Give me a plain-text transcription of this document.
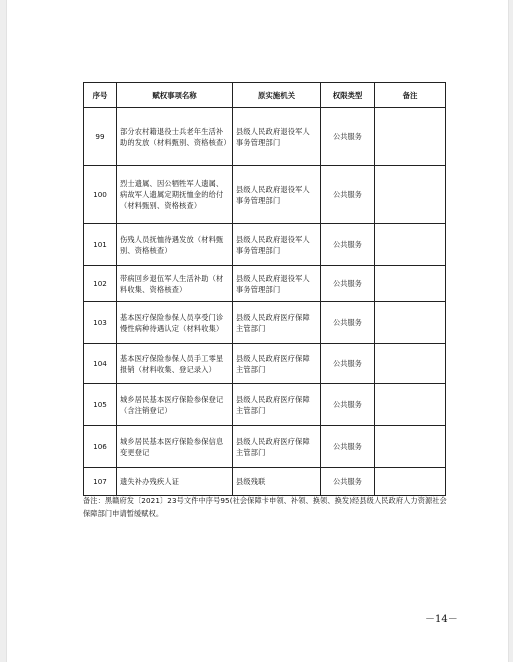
序号	赋权事项名称	原实施机关	权限类型	备注
99	部分农村籍退役士兵老年生活补助的发放（材料甄别、资格核查）	县级人民政府退役军人事务管理部门	公共服务	
100	烈士遗属、因公牺牲军人遗属、病故军人遗属定期抚恤金的给付（材料甄别、资格核查）	县级人民政府退役军人事务管理部门	公共服务	
101	伤残人员抚恤待遇发放（材料甄别、资格核查）	县级人民政府退役军人事务管理部门	公共服务	
102	带病回乡退伍军人生活补助（材料收集、资格核查）	县级人民政府退役军人事务管理部门	公共服务	
103	基本医疗保险参保人员享受门诊慢性病种待遇认定（材料收集）	县级人民政府医疗保障主管部门	公共服务	
104	基本医疗保险参保人员手工零星报销（材料收集、登记录入）	县级人民政府医疗保障主管部门	公共服务	
105	城乡居民基本医疗保险参保登记（含注销登记）	县级人民政府医疗保障主管部门	公共服务	
106	城乡居民基本医疗保险参保信息变更登记	县级人民政府医疗保障主管部门	公共服务	
107	遗失补办残疾人证	县级残联	公共服务	
备注：黑赣府发〔2021〕23号文件中序号95(社会保障卡申领、补领、换领、换发)经县级人民政府人力资源社会保障部门申请暂缓赋权。
－14－
